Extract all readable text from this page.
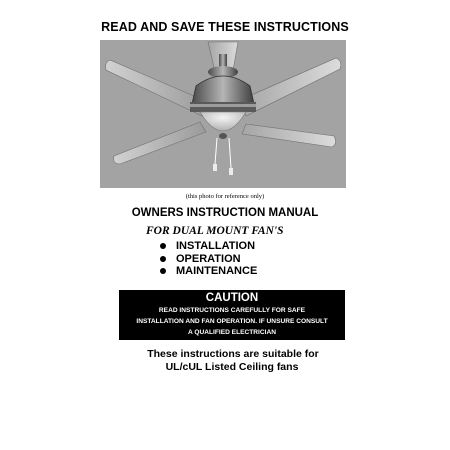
READ AND SAVE THESE INSTRUCTIONS
(this photo for reference only)
OWNERS INSTRUCTION MANUAL
FOR DUAL MOUNT FAN'S
INSTALLATION
OPERATION
MAINTENANCE
CAUTION
READ INSTRUCTIONS CAREFULLY FOR SAFE
INSTALLATION AND FAN OPERATION. IF UNSURE CONSULT
A QUALIFIED ELECTRICIAN
These instructions are suitable for
UL/cUL Listed Ceiling fans
